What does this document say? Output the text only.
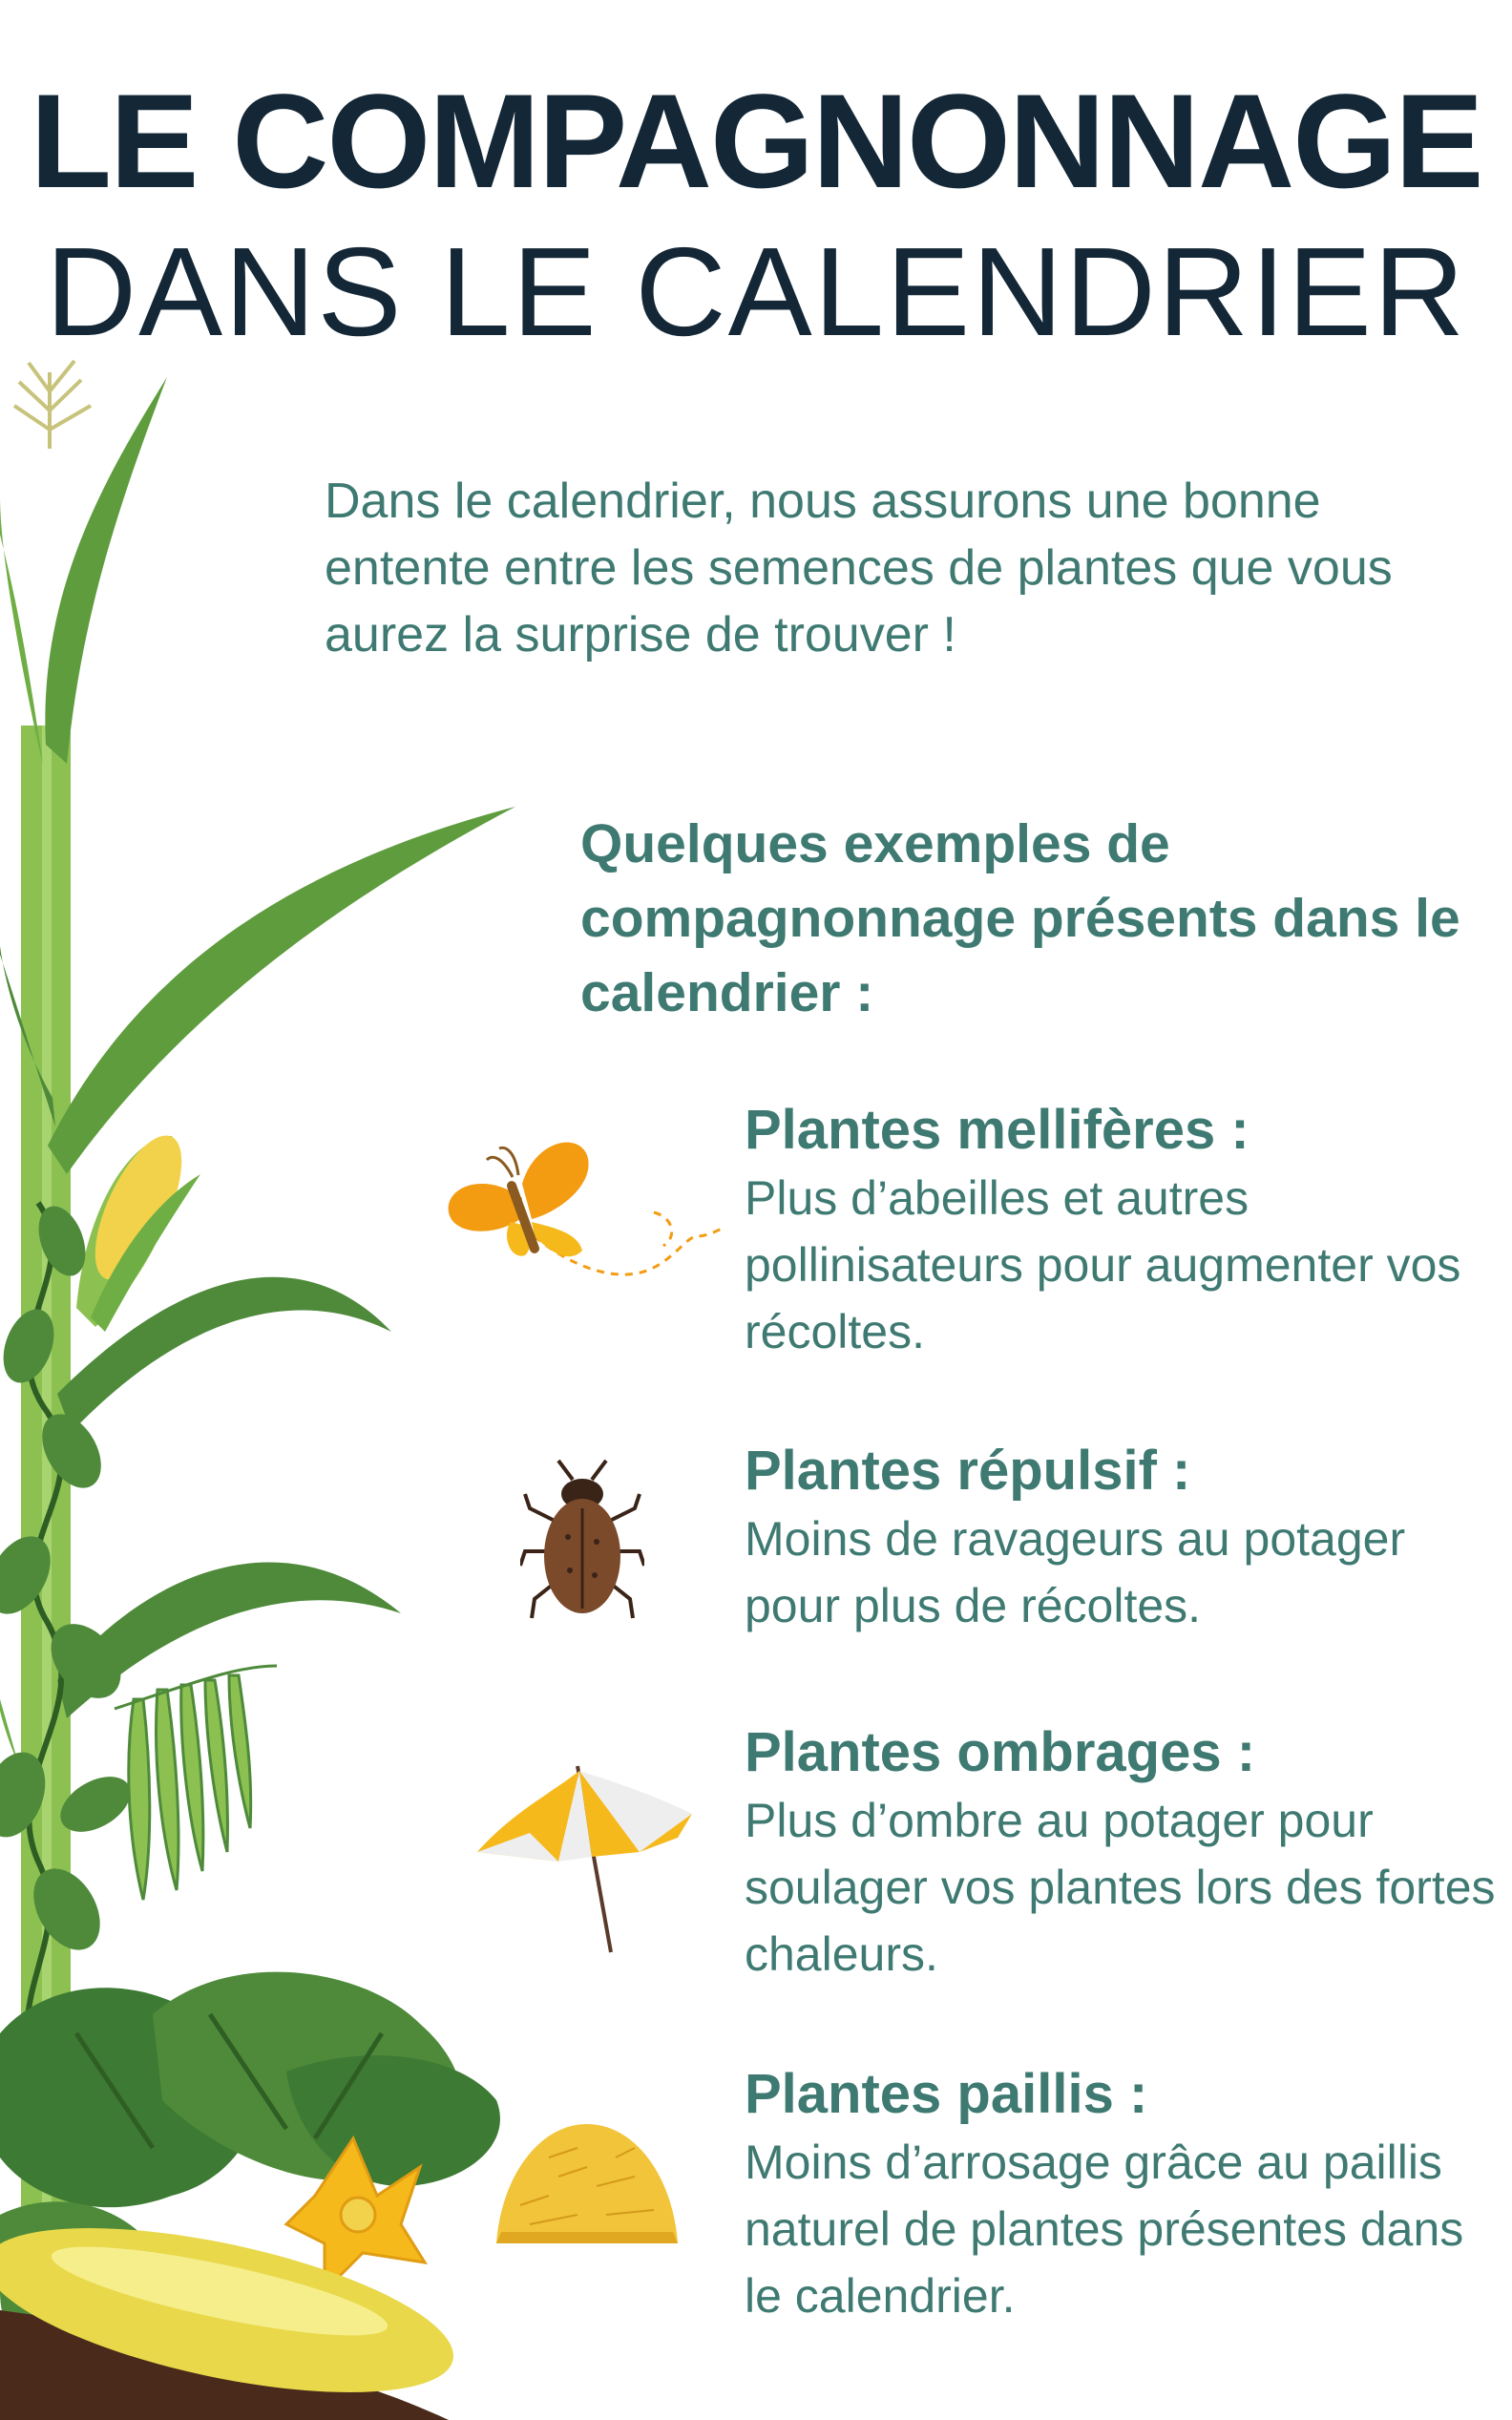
LE COMPAGNONNAGE
DANS LE CALENDRIER
Dans le calendrier, nous assurons une bonne entente entre les semences de plantes que vous aurez la surprise de trouver !
Quelques exemples de compagnonnage présents dans le calendrier :
Plantes mellifères :
Plus d’abeilles et autres pollinisateurs pour augmenter vos récoltes.
Plantes répulsif :
Moins de ravageurs au potager pour plus de récoltes.
Plantes ombrages :
Plus d’ombre au potager pour soulager vos plantes lors des fortes chaleurs.
Plantes paillis :
Moins d’arrosage grâce au paillis naturel de plantes présentes dans le calendrier.
